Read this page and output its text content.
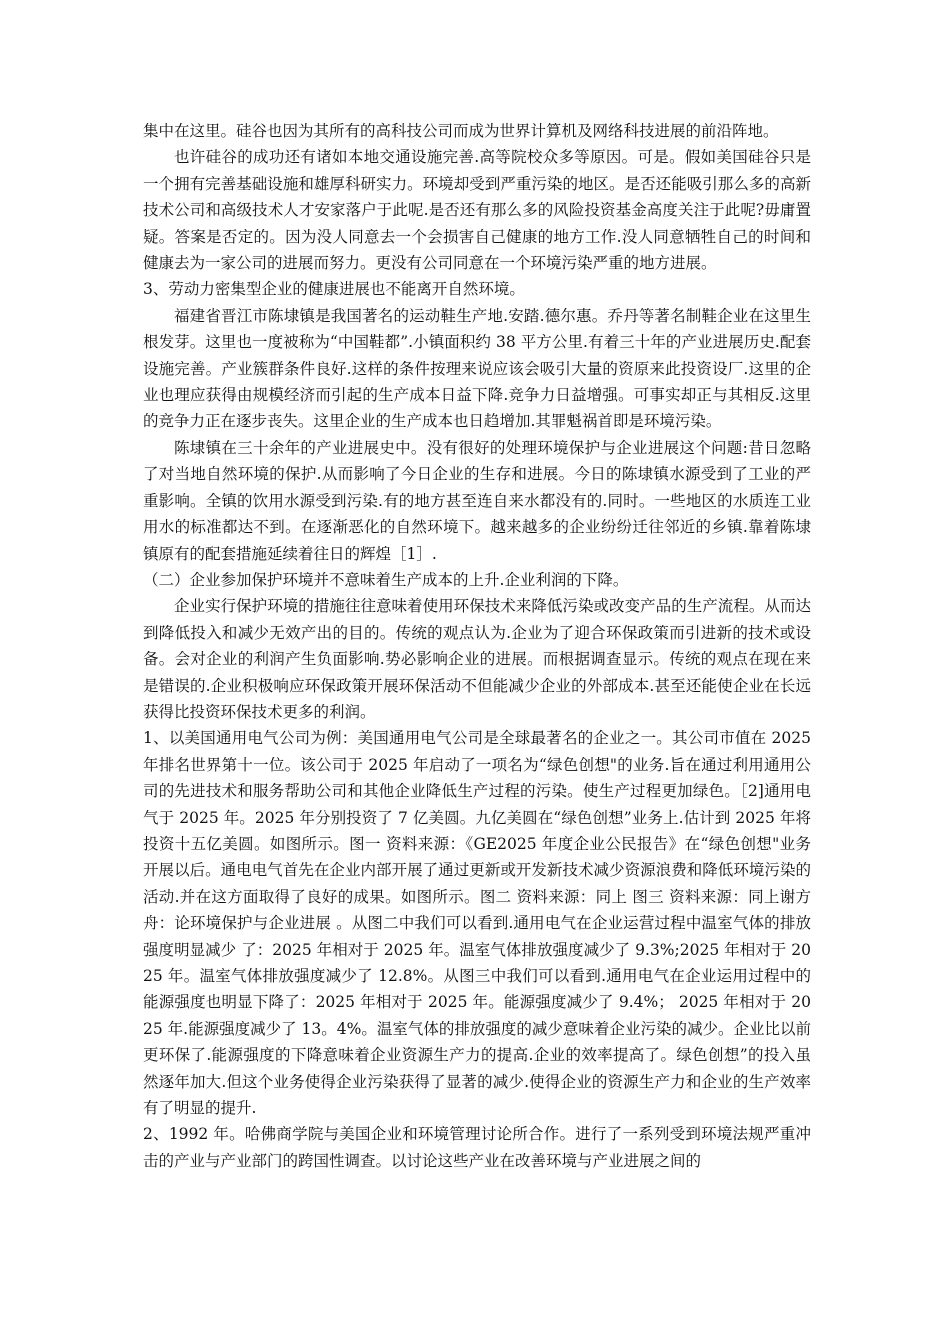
集中在这里。硅谷也因为其所有的高科技公司而成为世界计算机及网络科技进展的前沿阵地。

也许硅谷的成功还有诸如本地交通设施完善.高等院校众多等原因。可是。假如美国硅谷只是一个拥有完善基础设施和雄厚科研实力。环境却受到严重污染的地区。是否还能吸引那么多的高新技术公司和高级技术人才安家落户于此呢.是否还有那么多的风险投资基金高度关注于此呢?毋庸置疑。答案是否定的。因为没人同意去一个会损害自己健康的地方工作.没人同意牺牲自己的时间和健康去为一家公司的进展而努力。更没有公司同意在一个环境污染严重的地方进展。

3、劳动力密集型企业的健康进展也不能离开自然环境。

福建省晋江市陈埭镇是我国著名的运动鞋生产地.安踏.德尔惠。乔丹等著名制鞋企业在这里生根发芽。这里也一度被称为“中国鞋都”.小镇面积约 38 平方公里.有着三十年的产业进展历史.配套设施完善。产业簇群条件良好.这样的条件按理来说应该会吸引大量的资原来此投资设厂.这里的企业也理应获得由规模经济而引起的生产成本日益下降.竞争力日益增强。可事实却正与其相反.这里的竞争力正在逐步丧失。这里企业的生产成本也日趋增加.其罪魁祸首即是环境污染。

陈埭镇在三十余年的产业进展史中。没有很好的处理环境保护与企业进展这个问题:昔日忽略了对当地自然环境的保护.从而影响了今日企业的生存和进展。今日的陈埭镇水源受到了工业的严重影响。全镇的饮用水源受到污染.有的地方甚至连自来水都没有的.同时。一些地区的水质连工业用水的标准都达不到。在逐渐恶化的自然环境下。越来越多的企业纷纷迁往邻近的乡镇.靠着陈埭镇原有的配套措施延续着往日的辉煌［1］.

（二）企业参加保护环境并不意味着生产成本的上升.企业利润的下降。

企业实行保护环境的措施往往意味着使用环保技术来降低污染或改变产品的生产流程。从而达到降低投入和减少无效产出的目的。传统的观点认为.企业为了迎合环保政策而引进新的技术或设备。会对企业的利润产生负面影响.势必影响企业的进展。而根据调查显示。传统的观点在现在来是错误的.企业积极响应环保政策开展环保活动不但能减少企业的外部成本.甚至还能使企业在长远获得比投资环保技术更多的利润。

1、以美国通用电气公司为例：美国通用电气公司是全球最著名的企业之一。其公司市值在 2025 年排名世界第十一位。该公司于 2025 年启动了一项名为“绿色创想"的业务.旨在通过利用通用公司的先进技术和服务帮助公司和其他企业降低生产过程的污染。使生产过程更加绿色。［2]通用电气于 2025 年。2025 年分别投资了 7 亿美圆。九亿美圆在“绿色创想”业务上.估计到 2025 年将投资十五亿美圆。如图所示。图一 资料来源：《GE2025 年度企业公民报告》在“绿色创想"业务开展以后。通电电气首先在企业内部开展了通过更新或开发新技术减少资源浪费和降低环境污染的活动.并在这方面取得了良好的成果。如图所示。图二 资料来源：同上 图三 资料来源：同上谢方舟：论环境保护与企业进展 。从图二中我们可以看到.通用电气在企业运营过程中温室气体的排放强度明显减少 了：2025 年相对于 2025 年。温室气体排放强度减少了 9.3%;2025 年相对于 2025 年。温室气体排放强度减少了 12.8%。从图三中我们可以看到.通用电气在企业运用过程中的能源强度也明显下降了：2025 年相对于 2025 年。能源强度减少了 9.4%； 2025 年相对于 2025 年.能源强度减少了 13。4%。温室气体的排放强度的减少意味着企业污染的减少。企业比以前更环保了.能源强度的下降意味着企业资源生产力的提高.企业的效率提高了。绿色创想”的投入虽然逐年加大.但这个业务使得企业污染获得了显著的减少.使得企业的资源生产力和企业的生产效率有了明显的提升.

2、1992 年。哈佛商学院与美国企业和环境管理讨论所合作。进行了一系列受到环境法规严重冲击的产业与产业部门的跨国性调查。以讨论这些产业在改善环境与产业进展之间的
